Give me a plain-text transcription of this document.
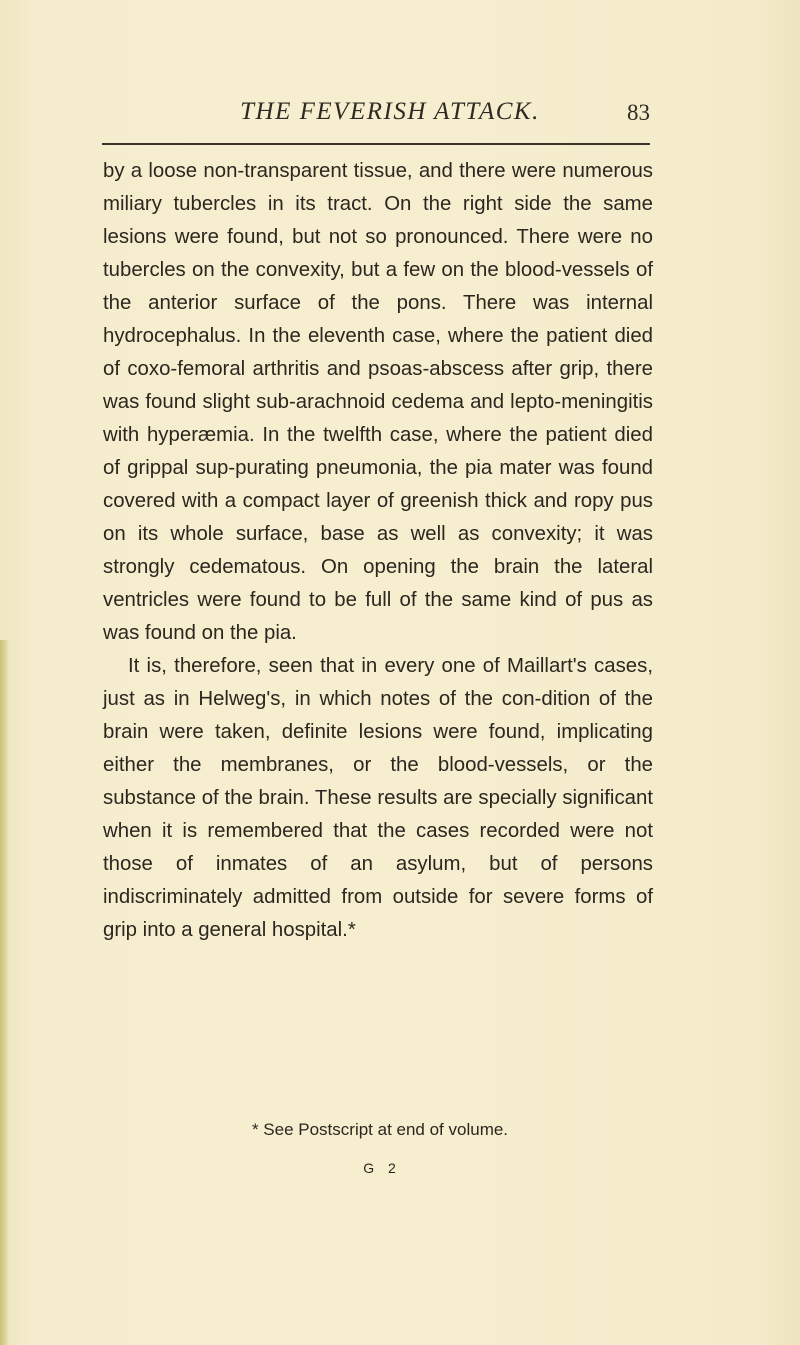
THE FEVERISH ATTACK.	83

by a loose non-transparent tissue, and there were numerous miliary tubercles in its tract. On the right side the same lesions were found, but not so pronounced. There were no tubercles on the convexity, but a few on the blood-vessels of the anterior surface of the pons. There was internal hydrocephalus. In the eleventh case, where the patient died of coxo-femoral arthritis and psoas-abscess after grip, there was found slight sub-arachnoid cedema and lepto-meningitis with hyperæmia. In the twelfth case, where the patient died of grippal sup-purating pneumonia, the pia mater was found covered with a compact layer of greenish thick and ropy pus on its whole surface, base as well as convexity; it was strongly cedematous. On opening the brain the lateral ventricles were found to be full of the same kind of pus as was found on the pia.

It is, therefore, seen that in every one of Maillart's cases, just as in Helweg's, in which notes of the con-dition of the brain were taken, definite lesions were found, implicating either the membranes, or the blood-vessels, or the substance of the brain. These results are specially significant when it is remembered that the cases recorded were not those of inmates of an asylum, but of persons indiscriminately admitted from outside for severe forms of grip into a general hospital.*

* See Postscript at end of volume.
G 2
